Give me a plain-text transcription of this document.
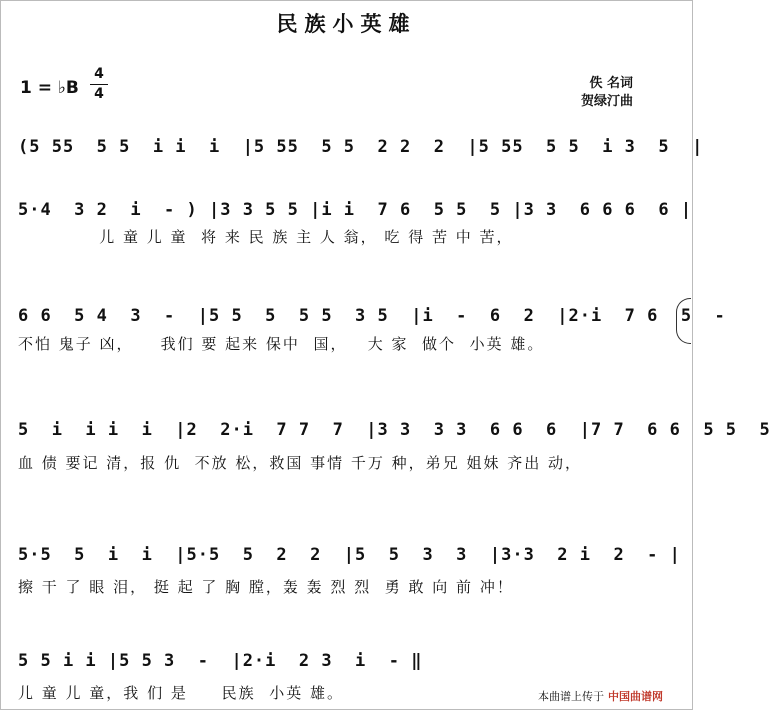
民族小英雄
1 = ♭B
4
4
佚 名词
贺绿汀曲
(5 55  5 5  i i  i  |5 55  5 5  2 2  2  |5 55  5 5  i 3  5  |
5·4  3 2  i  - ) |3 3 5 5 |i i  7 6  5 5  5 |3 3  6 6 6  6 |
儿 童 儿 童  将 来 民 族 主 人 翁， 吃 得 苦 中 苦，
6 6  5 4  3  -  |5 5  5  5 5  3 5  |i  -  6  2  |2·i  7 6  5  -
不怕 鬼子 凶，    我们 要 起来 保中  国，   大 家  做个  小英 雄。
5  i  i i  i  |2  2·i  7 7  7  |3 3  3 3  6 6  6  |7 7  6 6  5 5  5
血 债 要记 清，报 仇  不放 松，救国 事情 千万 种，弟兄 姐妹 齐出 动，
5·5  5  i  i  |5·5  5  2  2  |5  5  3  3  |3·3  2 i  2  - |
擦 干 了 眼 泪， 挺 起 了 胸 膛，轰 轰 烈 烈  勇 敢 向 前 冲！
5 5 i i |5 5 3  -  |2·i  2 3  i  - ‖
儿 童 儿 童，我 们 是     民族  小英 雄。	本曲谱上传于 中国曲谱网
